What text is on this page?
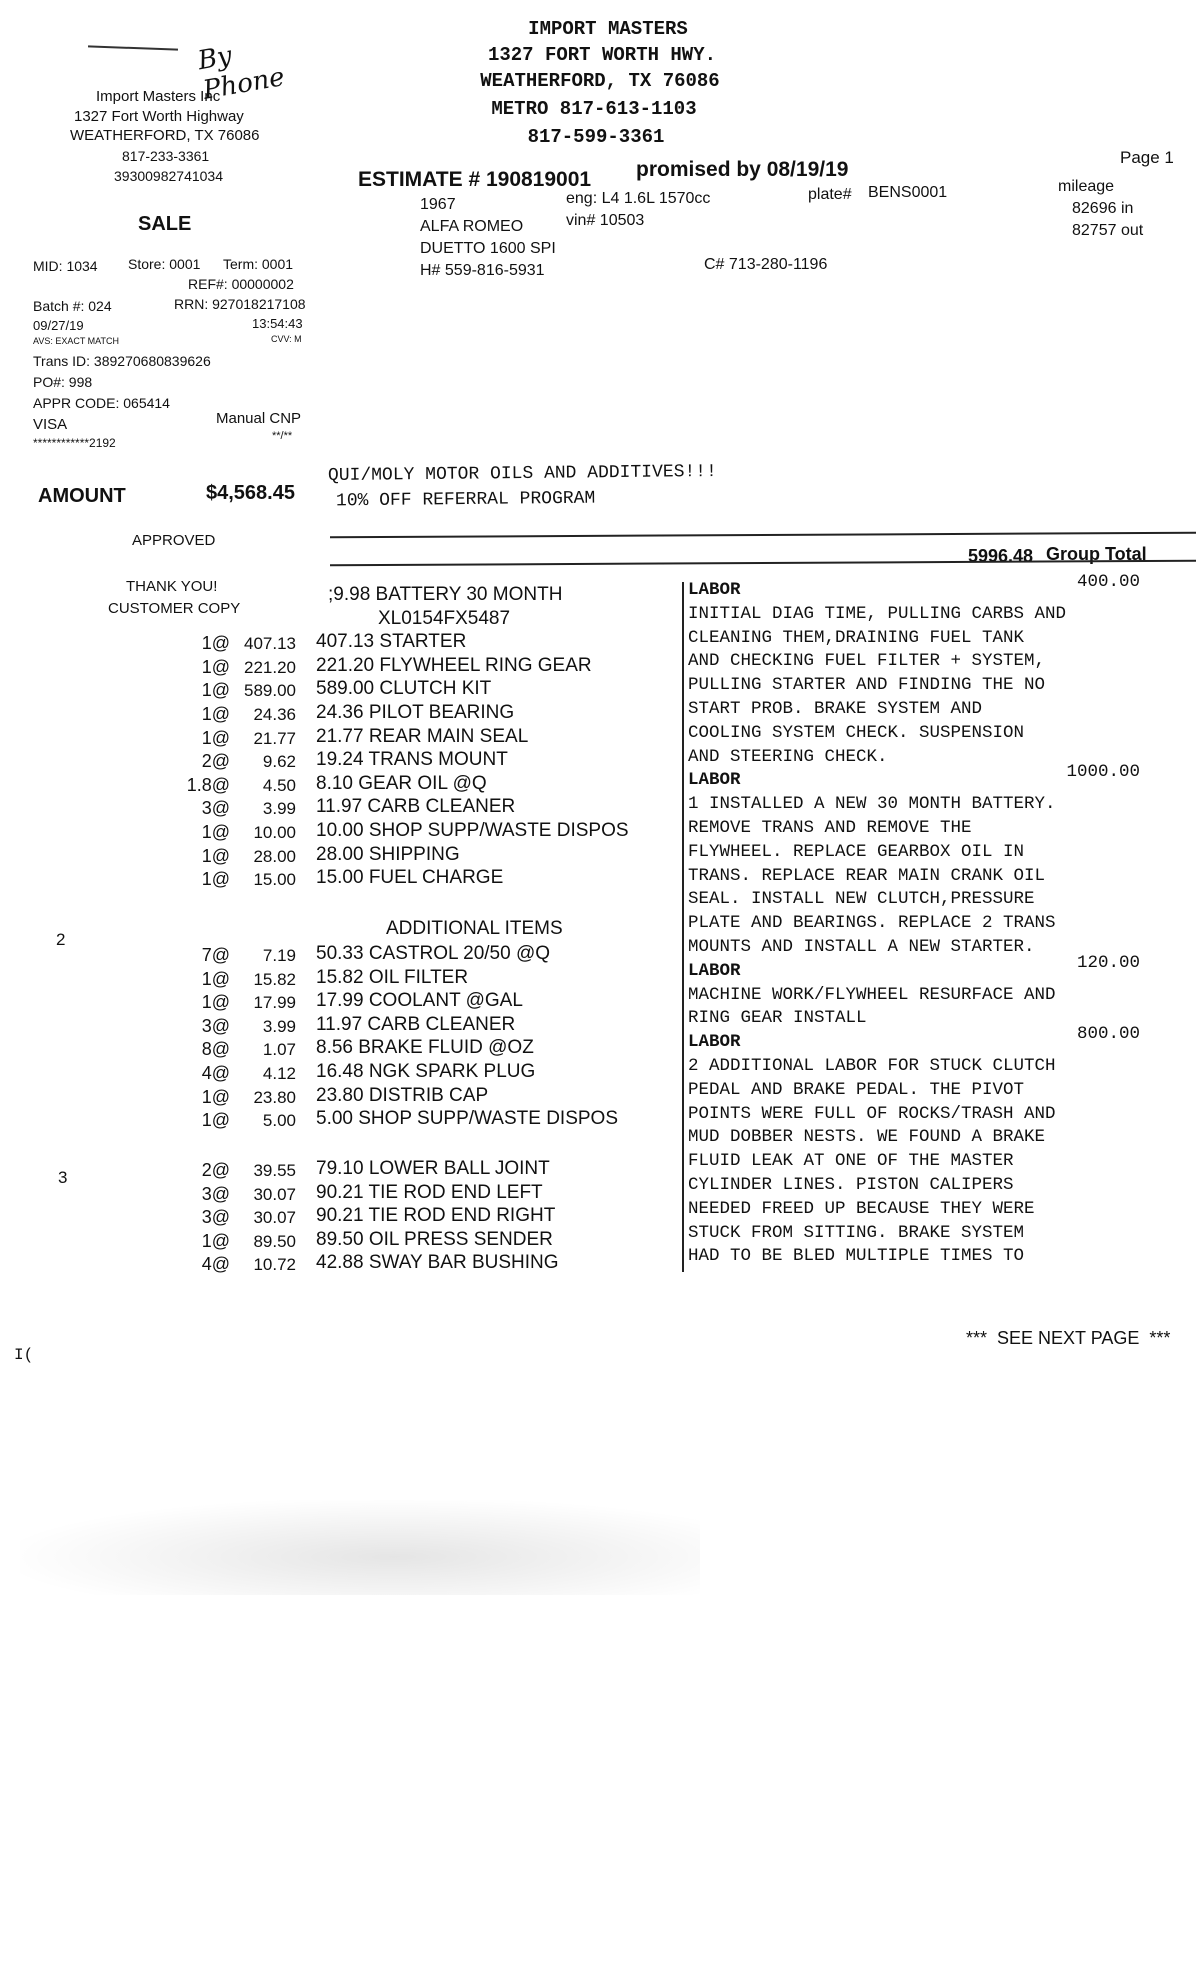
By Phone
Import Masters Inc
1327 Fort Worth Highway
WEATHERFORD, TX 76086
817-233-3361
39300982741034
SALE
MID: 1034 Store: 0001 Term: 0001
REF#: 00000002
Batch #: 024	RRN: 927018217108
09/27/19	13:54:43
AVS: EXACT MATCH	CVV: M
Trans ID: 389270680839626
PO#: 998
APPR CODE: 065414
VISA	Manual CNP
************2192	**/**
AMOUNT	$4,568.45
APPROVED
THANK YOU!
CUSTOMER COPY
IMPORT MASTERS
1327 FORT WORTH HWY.
WEATHERFORD, TX 76086
METRO 817-613-1103
817-599-3361
ESTIMATE # 190819001 promised by 08/19/19
Page 1
1967
ALFA ROMEO
DUETTO 1600 SPI
H# 559-816-5931
eng: L4 1.6L 1570cc
vin# 10503
plate# BENS0001
C# 713-280-1196
mileage
82696 in
82757 out
QUI/MOLY MOTOR OILS AND ADDITIVES!!!
10% OFF REFERRAL PROGRAM
5996.48 Group Total
;9.98 BATTERY 30 MONTH
XL0154FX5487
1@ 407.13 407.13 STARTER
1@ 221.20 221.20 FLYWHEEL RING GEAR
1@ 589.00 589.00 CLUTCH KIT
1@	24.36 24.36 PILOT BEARING
1@	21.77 21.77 REAR MAIN SEAL
2@	9.62 19.24 TRANS MOUNT
1.8@	4.50 8.10 GEAR OIL @Q
3@	3.99 11.97 CARB CLEANER
1@	10.00 10.00 SHOP SUPP/WASTE DISPOS
1@	28.00 28.00 SHIPPING
1@	15.00 15.00 FUEL CHARGE
ADDITIONAL ITEMS
2
7@	7.19 50.33 CASTROL 20/50 @Q
1@	15.82 15.82 OIL FILTER
1@	17.99 17.99 COOLANT @GAL
3@	3.99 11.97 CARB CLEANER
8@	1.07 8.56 BRAKE FLUID @OZ
4@	4.12 16.48 NGK SPARK PLUG
1@	23.80 23.80 DISTRIB CAP
1@	5.00 5.00 SHOP SUPP/WASTE DISPOS
3	2@	39.55 79.10 LOWER BALL JOINT
3@	30.07 90.21 TIE ROD END LEFT
3@	30.07 90.21 TIE ROD END RIGHT
1@	89.50 89.50 OIL PRESS SENDER
4@	10.72 42.88 SWAY BAR BUSHING
LABOR	400.00
INITIAL DIAG TIME, PULLING CARBS AND
CLEANING THEM,DRAINING FUEL TANK
AND CHECKING FUEL FILTER + SYSTEM,
PULLING STARTER AND FINDING THE NO
START PROB. BRAKE SYSTEM AND
COOLING SYSTEM CHECK. SUSPENSION
AND STEERING CHECK.
LABOR	1000.00
1 INSTALLED A NEW 30 MONTH BATTERY.
REMOVE TRANS AND REMOVE THE
FLYWHEEL. REPLACE GEARBOX OIL IN
TRANS. REPLACE REAR MAIN CRANK OIL
SEAL. INSTALL NEW CLUTCH,PRESSURE
PLATE AND BEARINGS. REPLACE 2 TRANS
MOUNTS AND INSTALL A NEW STARTER.
LABOR	120.00
MACHINE WORK/FLYWHEEL RESURFACE AND
RING GEAR INSTALL
LABOR	800.00
2 ADDITIONAL LABOR FOR STUCK CLUTCH
PEDAL AND BRAKE PEDAL. THE PIVOT
POINTS WERE FULL OF ROCKS/TRASH AND
MUD DOBBER NESTS. WE FOUND A BRAKE
FLUID LEAK AT ONE OF THE MASTER
CYLINDER LINES. PISTON CALIPERS
NEEDED FREED UP BECAUSE THEY WERE
STUCK FROM SITTING. BRAKE SYSTEM
HAD TO BE BLED MULTIPLE TIMES TO
***  SEE NEXT PAGE  ***
I(
